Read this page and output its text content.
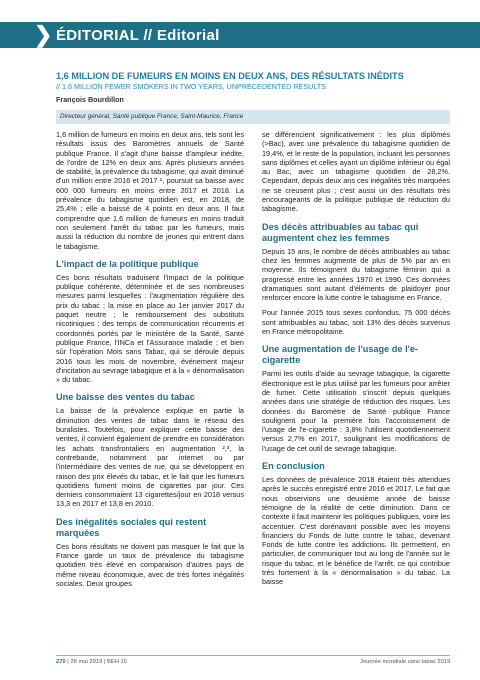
❯ ÉDITORIAL // Editorial
1,6 MILLION DE FUMEURS EN MOINS EN DEUX ANS, DES RÉSULTATS INÉDITS
// 1.6 MILLION FEWER SMOKERS IN TWO YEARS, UNPRECEDENTED RESULTS
François Bourdillon
Directeur général, Santé publique France, Saint-Maurice, France

1,6 million de fumeurs en moins en deux ans, tels sont les résultats issus des Baromètres annuels de Santé publique France. Il s'agit d'une baisse d'ampleur inédite, de l'ordre de 12% en deux ans. Après plusieurs années de stabilité, la prévalence du tabagisme, qui avait diminué d'un million entre 2016 et 2017 ¹, poursuit sa baisse avec 600 000 fumeurs en moins entre 2017 et 2018. La prévalence du tabagisme quotidien est, en 2018, de 25,4% ; elle a baissé de 4 points en deux ans. Il faut comprendre que 1,6 million de fumeurs en moins traduit non seulement l'arrêt du tabac par les fumeurs, mais aussi la réduction du nombre de jeunes qui entrent dans le tabagisme.

L'impact de la politique publique

Ces bons résultats traduisent l'impact de la politique publique cohérente, déterminée et de ses nombreuses mesures parmi lesquelles : l'augmentation régulière des prix du tabac ; la mise en place au 1er janvier 2017 du paquet neutre ; le remboursement des substituts nicotiniques ; des temps de communication récurrents et coordonnés portés par le ministère de la Santé, Santé publique France, l'INCa et l'Assurance maladie ; et bien sûr l'opération Mois sans Tabac, qui se déroule depuis 2016 tous les mois de novembre, événement majeur d'incitation au sevrage tabagique et à la « dénormalisation » du tabac.

Une baisse des ventes du tabac

La baisse de la prévalence explique en partie la diminution des ventes de tabac dans le réseau des buralistes. Toutefois, pour expliquer cette baisse des ventes, il convient également de prendre en considération les achats transfrontaliers en augmentation ²,³, la contrebande, notamment par internet ou par l'intermédiaire des ventes de rue, qui se développent en raison des prix élevés du tabac, et le fait que les fumeurs quotidiens fument moins de cigarettes par jour. Ces derniers consommaient 13 cigarettes/jour en 2018 versus 13,3 en 2017 et 13,8 en 2010.

Des inégalités sociales qui restent marquées

Ces bons résultats ne doivent pas masquer le fait que la France garde un taux de prévalence du tabagisme quotidien très élevé en comparaison d'autres pays de même niveau économique, avec de très fortes inégalités sociales. Deux groupes

se différencient significativement : les plus diplômés (>Bac), avec une prévalence du tabagisme quotidien de 19,4%, et le reste de la population, incluant les personnes sans diplômes et celles ayant un diplôme inférieur ou égal au Bac, avec un tabagisme quotidien de 28,2%. Cependant, depuis deux ans ces inégalités très marquées ne se creusent plus ; c'est aussi un des résultats très encourageants de la politique publique de réduction du tabagisme.

Des décès attribuables au tabac qui augmentent chez les femmes

Depuis 15 ans, le nombre de décès attribuables au tabac chez les femmes augmente de plus de 5% par an en moyenne. Ils témoignent du tabagisme féminin qui a progressé entre les années 1970 et 1990. Ces données dramatiques sont autant d'éléments de plaidoyer pour renforcer encore la lutte contre le tabagisme en France.

Pour l'année 2015 tous sexes confondus, 75 000 décès sont attribuables au tabac, soit 13% des décès survenus en France métropolitaine.

Une augmentation de l'usage de l'e-cigarette

Parmi les outils d'aide au sevrage tabagique, la cigarette électronique est le plus utilisé par les fumeurs pour arrêter de fumer. Cette utilisation s'inscrit depuis quelques années dans une stratégie de réduction des risques. Les données du Baromètre de Santé publique France soulignent pour la première fois l'accroissement de l'usage de l'e-cigarette : 3,8% l'utilisent quotidiennement versus 2,7% en 2017, soulignant les modifications de l'usage de cet outil de sevrage tabagique.

En conclusion

Les données de prévalence 2018 étaient très attendues après le succès enregistré entre 2016 et 2017. Le fait que nous observions une deuxième année de baisse témoigne de la réalité de cette diminution. Dans ce contexte il faut maintenir les politiques publiques, voire les accentuer. C'est dorénavant possible avec les moyens financiers du Fonds de lutte contre le tabac, devenant Fonds de lutte contre les addictions. Ils permettent, en particulier, de communiquer tout au long de l'année sur le risque du tabac, et le bénéfice de l'arrêt, ce qui contribue très fortement à la « dénormalisation » du tabac. La baisse

270 | 28 mai 2019 | BEH 15	Journée mondiale sans tabac 2019
